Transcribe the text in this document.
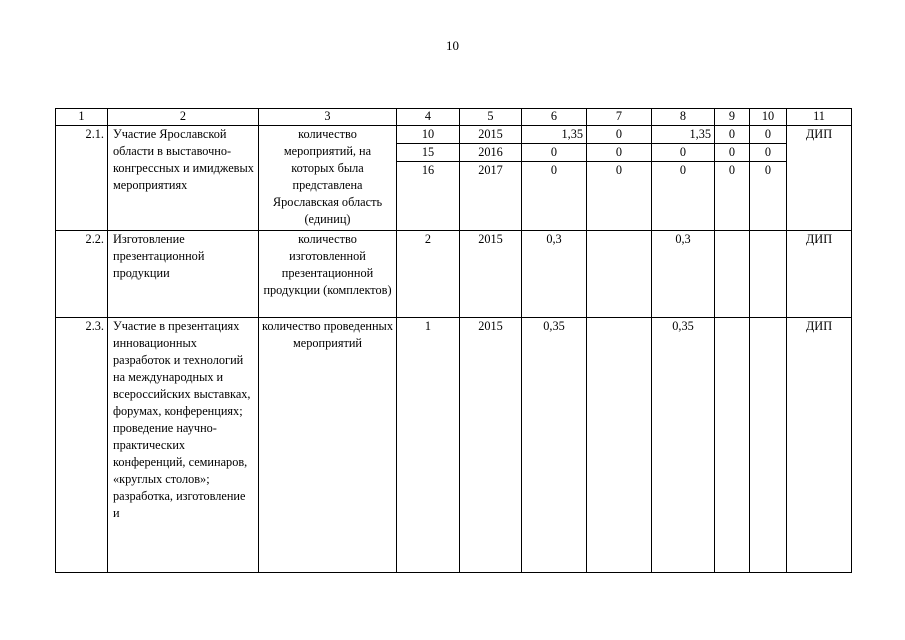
10
1	2	3	4	5	6	7	8	9	10	11
2.1.	Участие Ярославской области в выставочно-конгрессных и имиджевых мероприятиях	количество мероприятий, на которых была представлена Ярославская область (единиц)	10	2015	1,35	0	1,35	0	0	ДИП
			15	2016	0	0	0	0	0	
			16	2017	0	0	0	0	0	
2.2.	Изготовление презентационной продукции	количество изготовленной презентационной продукции (комплектов)	2	2015	0,3		0,3			ДИП
2.3.	Участие в презентациях инновационных разработок и технологий на международных и всероссийских выставках, форумах, конференциях; проведение научно-практических конференций, семинаров, «круглых столов»; разработка, изготовление и	количество проведенных мероприятий	1	2015	0,35		0,35			ДИП
